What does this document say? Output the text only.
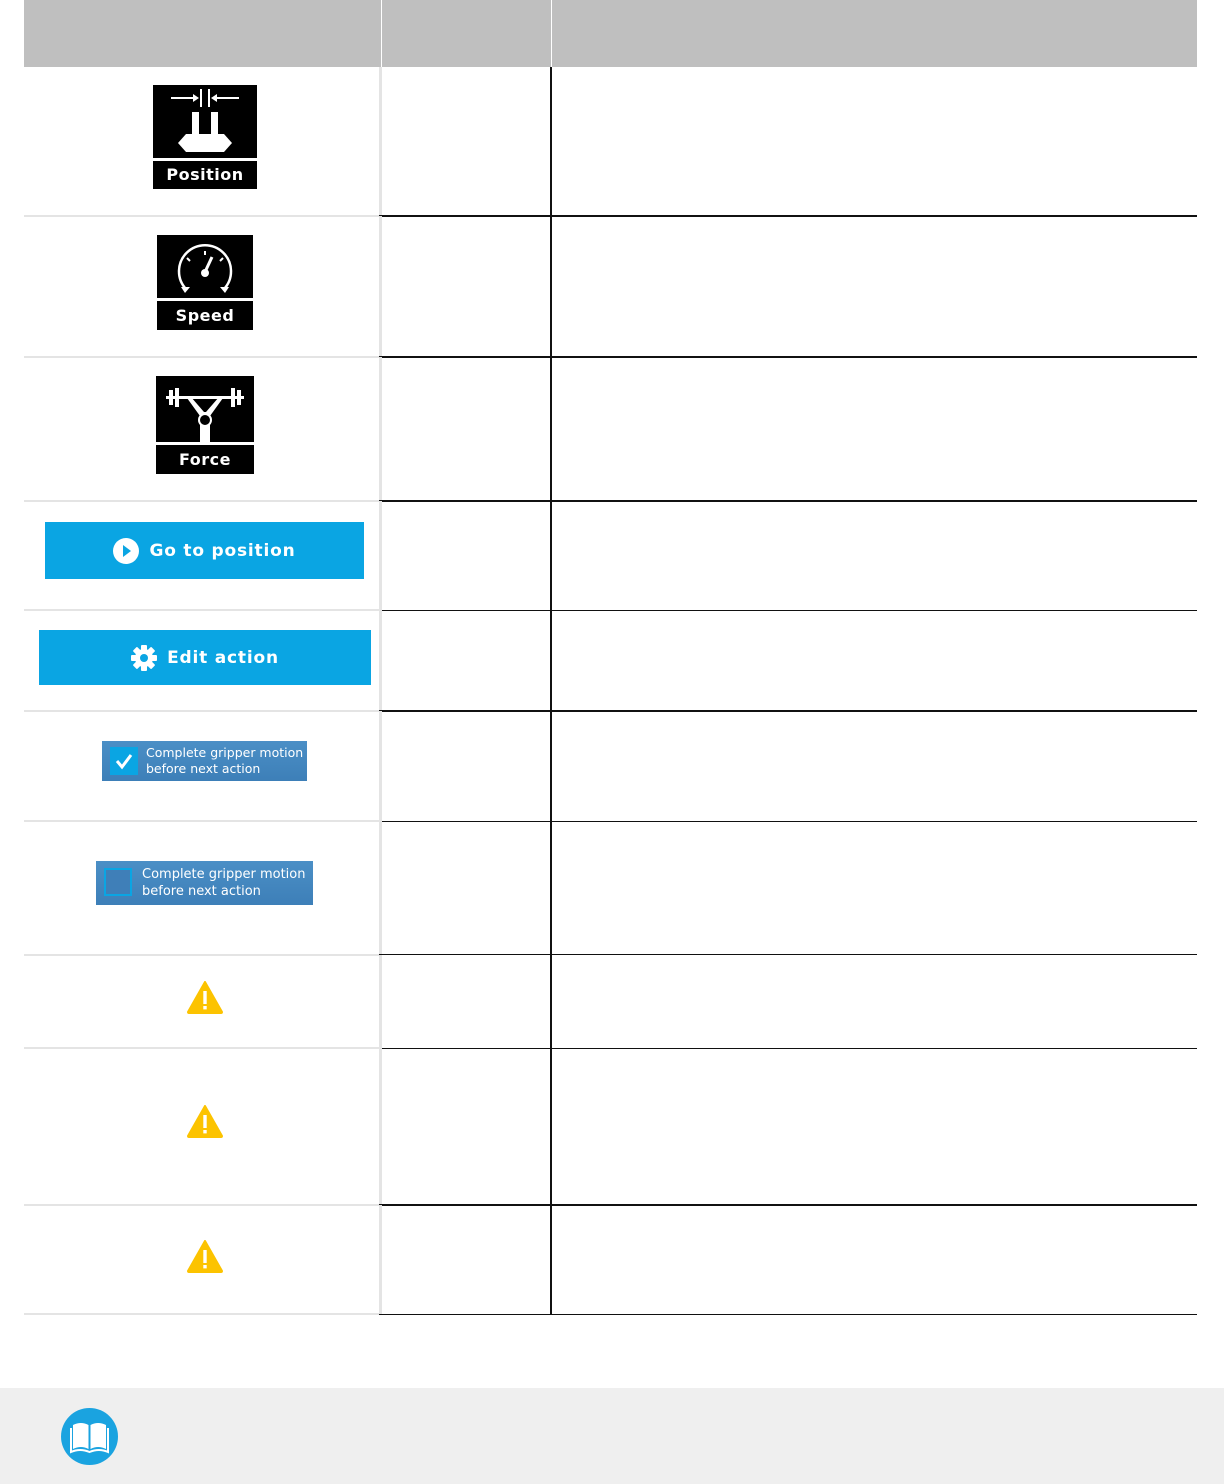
Position
Speed
Force
Go to position
Edit action
Complete gripper motion
before next action
Complete gripper motion
before next action
